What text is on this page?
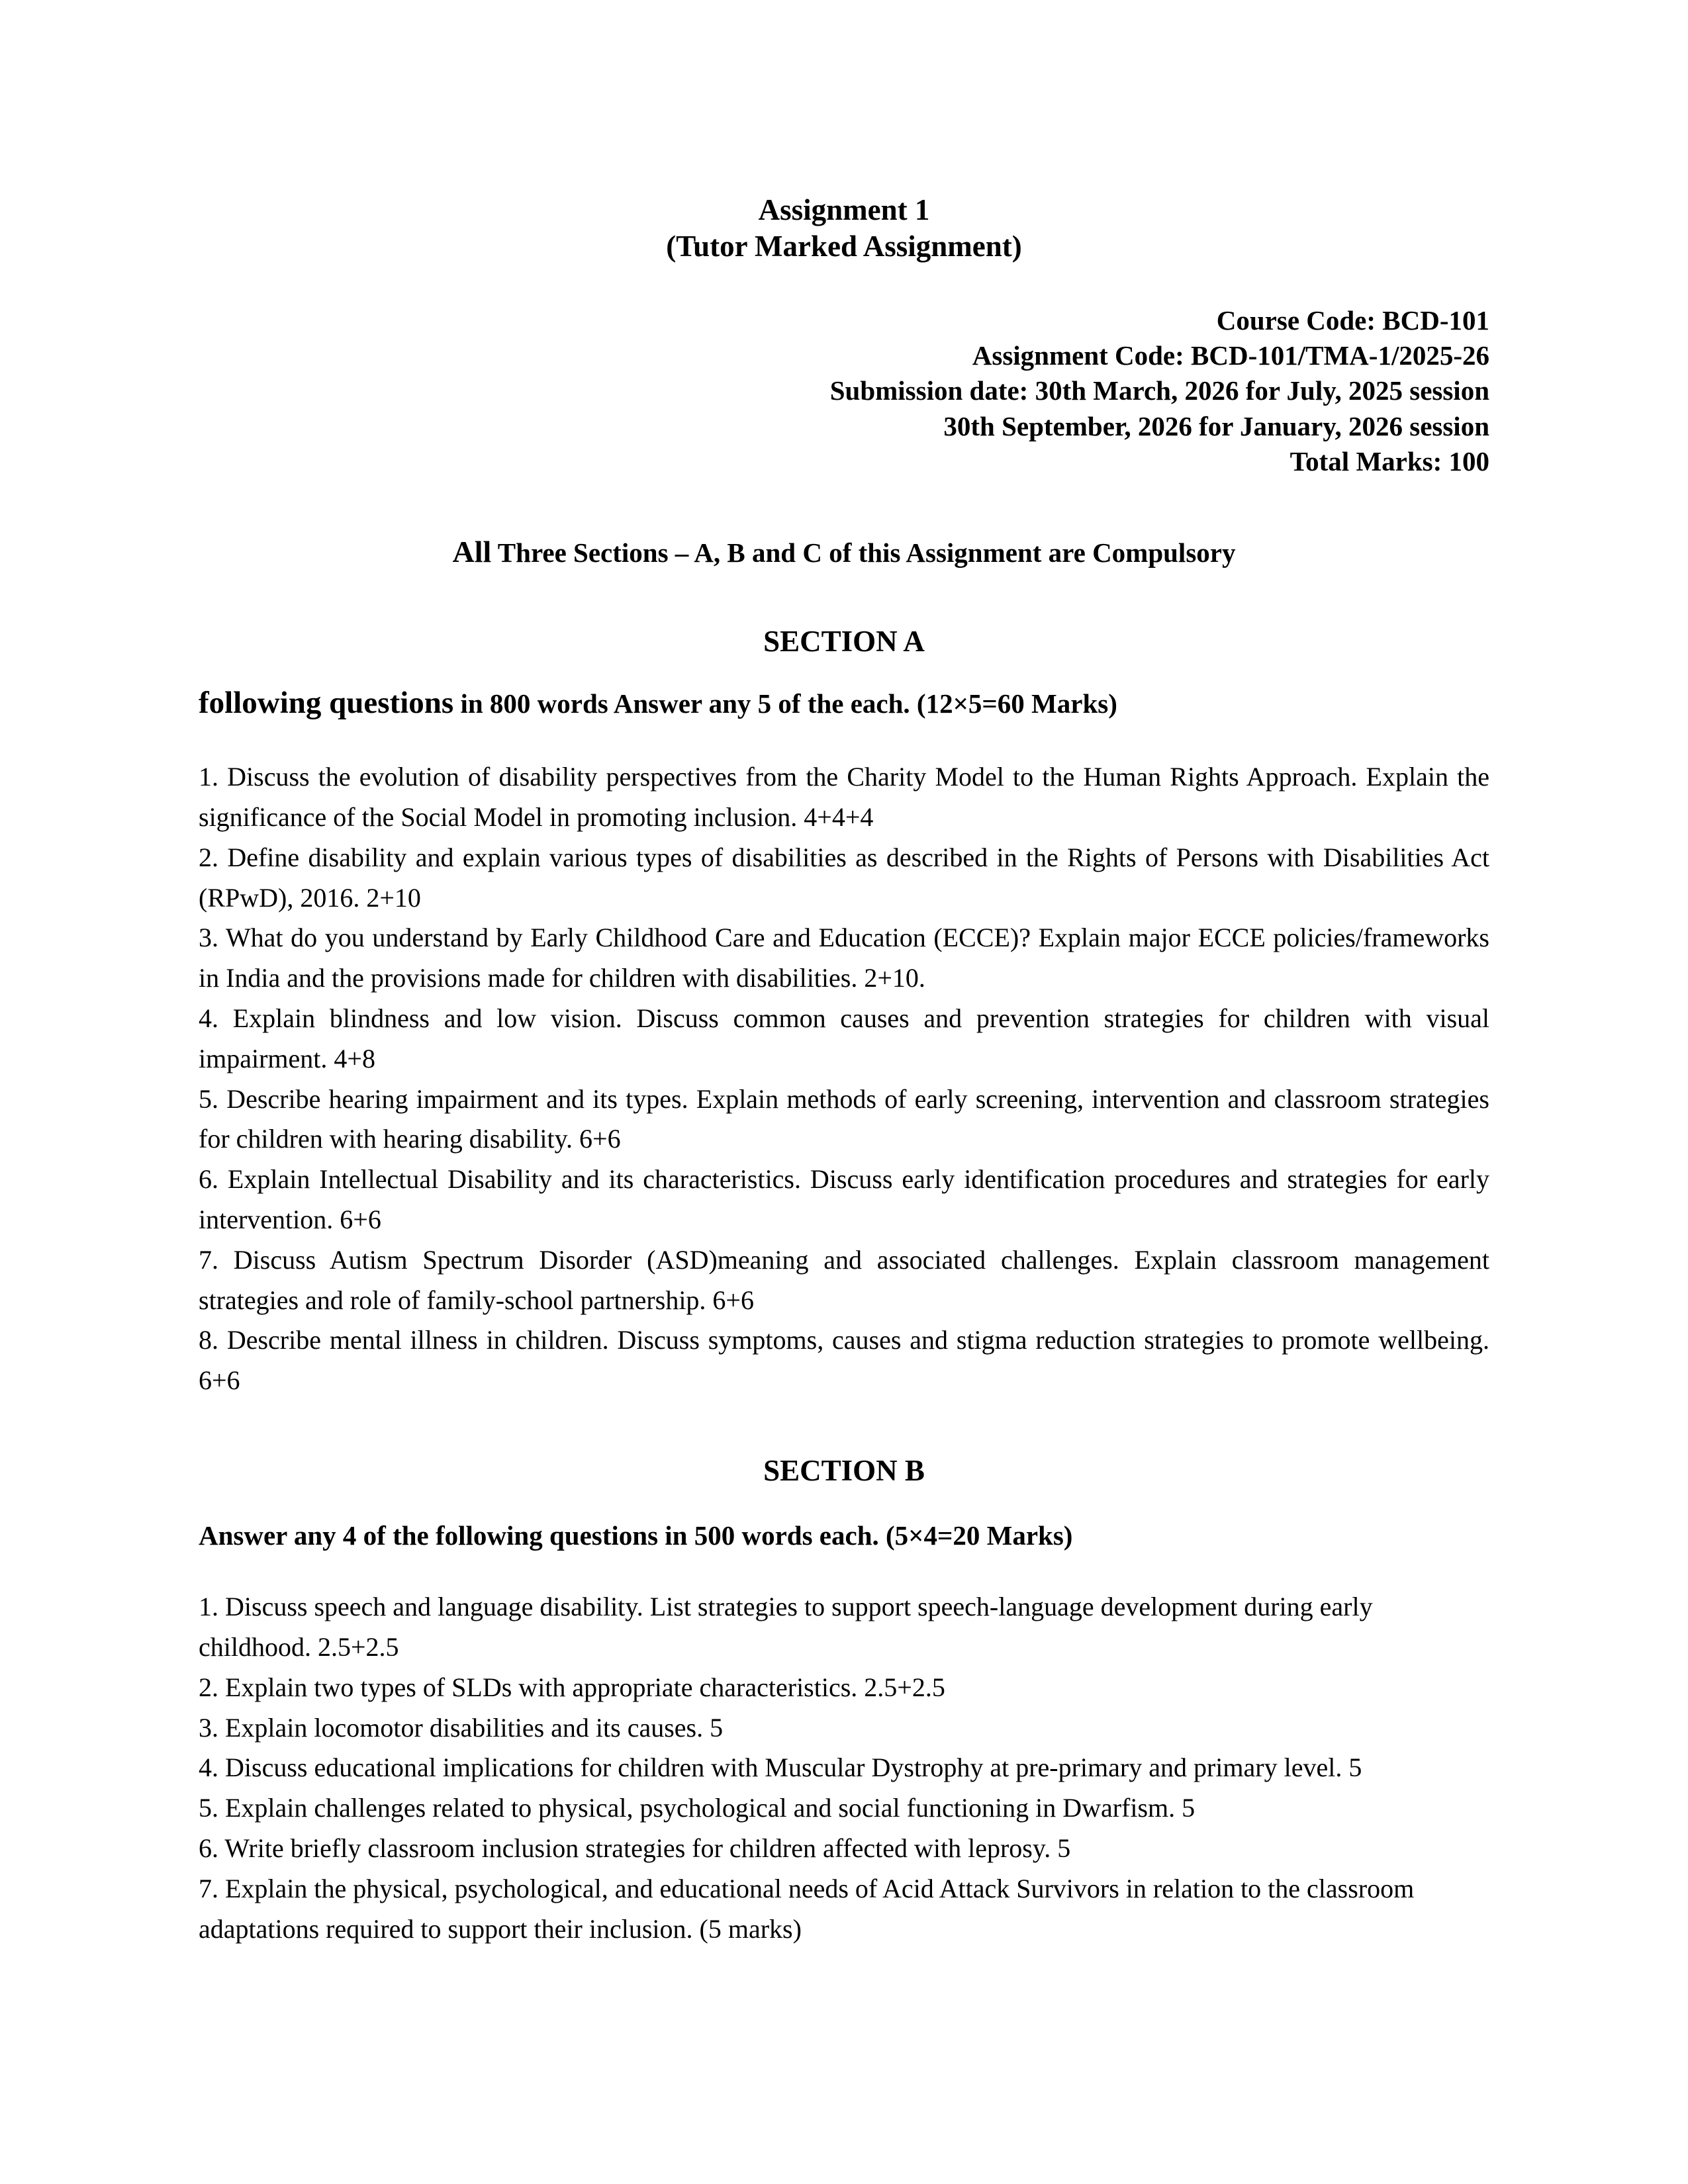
Assignment 1
(Tutor Marked Assignment)
Course Code: BCD-101
Assignment Code: BCD-101/TMA-1/2025-26
Submission date: 30th March, 2026 for July, 2025 session
30th September, 2026 for January, 2026 session
Total Marks: 100

All Three Sections – A, B and C of this Assignment are Compulsory

SECTION A

following questions in 800 words Answer any 5 of the each. (12×5=60 Marks)

1. Discuss the evolution of disability perspectives from the Charity Model to the Human Rights Approach. Explain the significance of the Social Model in promoting inclusion. 4+4+4
2. Define disability and explain various types of disabilities as described in the Rights of Persons with Disabilities Act (RPwD), 2016. 2+10
3. What do you understand by Early Childhood Care and Education (ECCE)? Explain major ECCE policies/frameworks in India and the provisions made for children with disabilities. 2+10.
4. Explain blindness and low vision. Discuss common causes and prevention strategies for children with visual impairment. 4+8
5. Describe hearing impairment and its types. Explain methods of early screening, intervention and classroom strategies for children with hearing disability. 6+6
6. Explain Intellectual Disability and its characteristics. Discuss early identification procedures and strategies for early intervention. 6+6
7. Discuss Autism Spectrum Disorder (ASD)meaning and associated challenges. Explain classroom management strategies and role of family-school partnership. 6+6
8. Describe mental illness in children. Discuss symptoms, causes and stigma reduction strategies to promote wellbeing. 6+6
SECTION B

Answer any 4 of the following questions in 500 words each. (5×4=20 Marks)

1. Discuss speech and language disability. List strategies to support speech-language development during early childhood. 2.5+2.5
2. Explain two types of SLDs with appropriate characteristics. 2.5+2.5
3. Explain locomotor disabilities and its causes. 5
4. Discuss educational implications for children with Muscular Dystrophy at pre-primary and primary level. 5
5. Explain challenges related to physical, psychological and social functioning in Dwarfism. 5
6. Write briefly classroom inclusion strategies for children affected with leprosy. 5
7. Explain the physical, psychological, and educational needs of Acid Attack Survivors in relation to the classroom adaptations required to support their inclusion. (5 marks)
